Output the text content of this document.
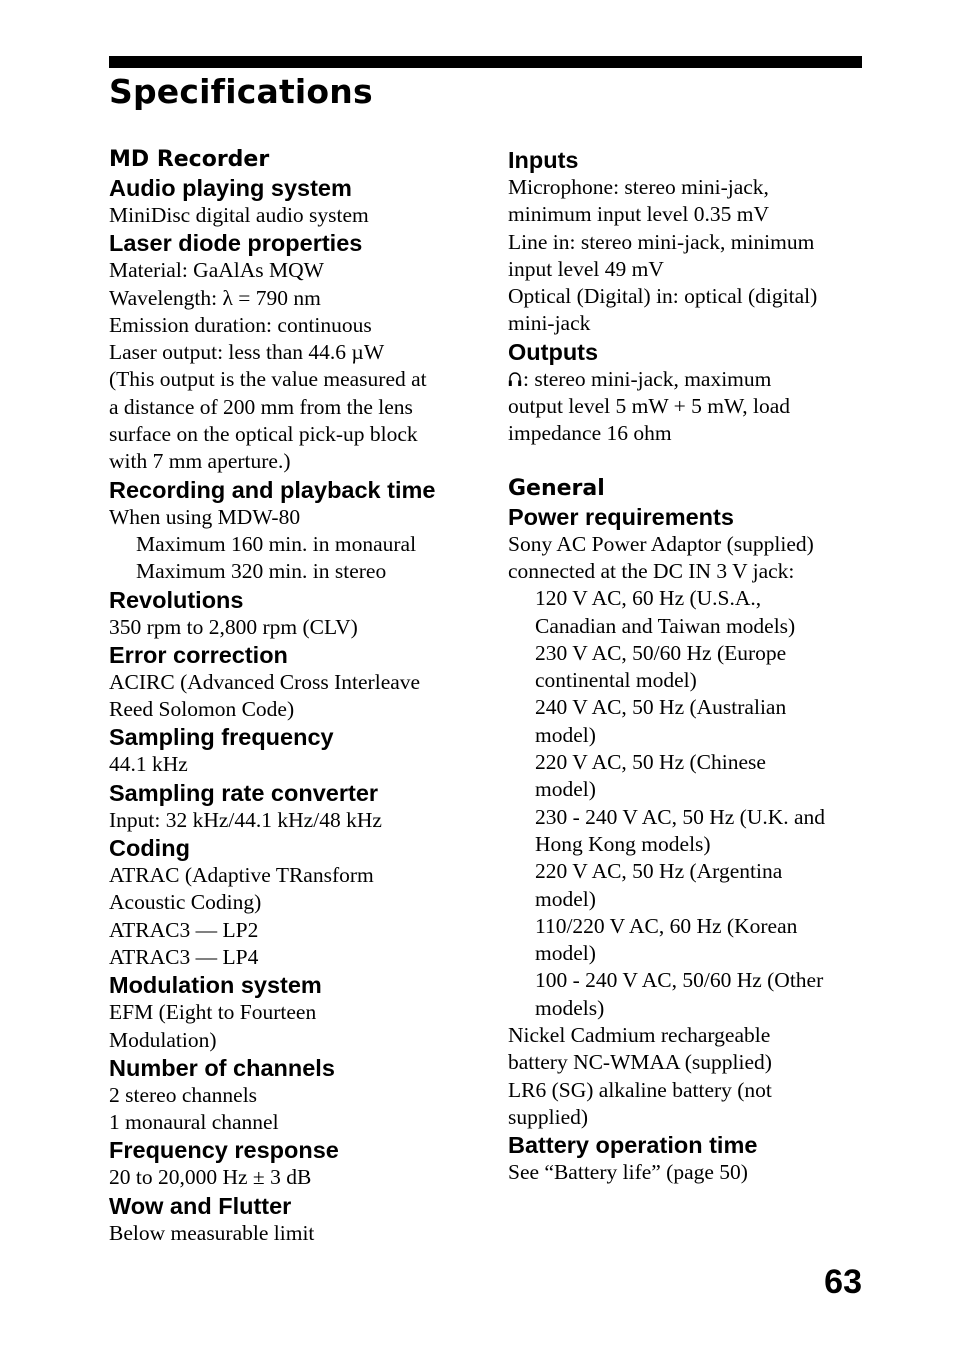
Specifications
MD Recorder
Audio playing system
MiniDisc digital audio system
Laser diode properties
Material: GaAlAs MQW
Wavelength: λ = 790 nm
Emission duration: continuous
Laser output: less than 44.6 µW
(This output is the value measured at
a distance of 200 mm from the lens
surface on the optical pick-up block
with 7 mm aperture.)
Recording and playback time
When using MDW-80
Maximum 160 min. in monaural
Maximum 320 min. in stereo
Revolutions
350 rpm to 2,800 rpm (CLV)
Error correction
ACIRC (Advanced Cross Interleave
Reed Solomon Code)
Sampling frequency
44.1 kHz
Sampling rate converter
Input: 32 kHz/44.1 kHz/48 kHz
Coding
ATRAC (Adaptive TRansform
Acoustic Coding)
ATRAC3 — LP2
ATRAC3 — LP4
Modulation system
EFM (Eight to Fourteen
Modulation)
Number of channels
2 stereo channels
1 monaural channel
Frequency response
20 to 20,000 Hz ± 3 dB
Wow and Flutter
Below measurable limit
Inputs
Microphone: stereo mini-jack,
minimum input level 0.35 mV
Line in: stereo mini-jack, minimum
input level 49 mV
Optical (Digital) in: optical (digital)
mini-jack
Outputs
: stereo mini-jack, maximum
output level 5 mW + 5 mW, load
impedance 16 ohm
General
Power requirements
Sony AC Power Adaptor (supplied)
connected at the DC IN 3 V jack:
120 V AC, 60 Hz (U.S.A.,
Canadian and Taiwan models)
230 V AC, 50/60 Hz (Europe
continental model)
240 V AC, 50 Hz (Australian
model)
220 V AC, 50 Hz (Chinese
model)
230 - 240 V AC, 50 Hz (U.K. and
Hong Kong models)
220 V AC, 50 Hz (Argentina
model)
110/220 V AC, 60 Hz (Korean
model)
100 - 240 V AC, 50/60 Hz (Other
models)
Nickel Cadmium rechargeable
battery NC-WMAA (supplied)
LR6 (SG) alkaline battery (not
supplied)
Battery operation time
See “Battery life” (page 50)
63
